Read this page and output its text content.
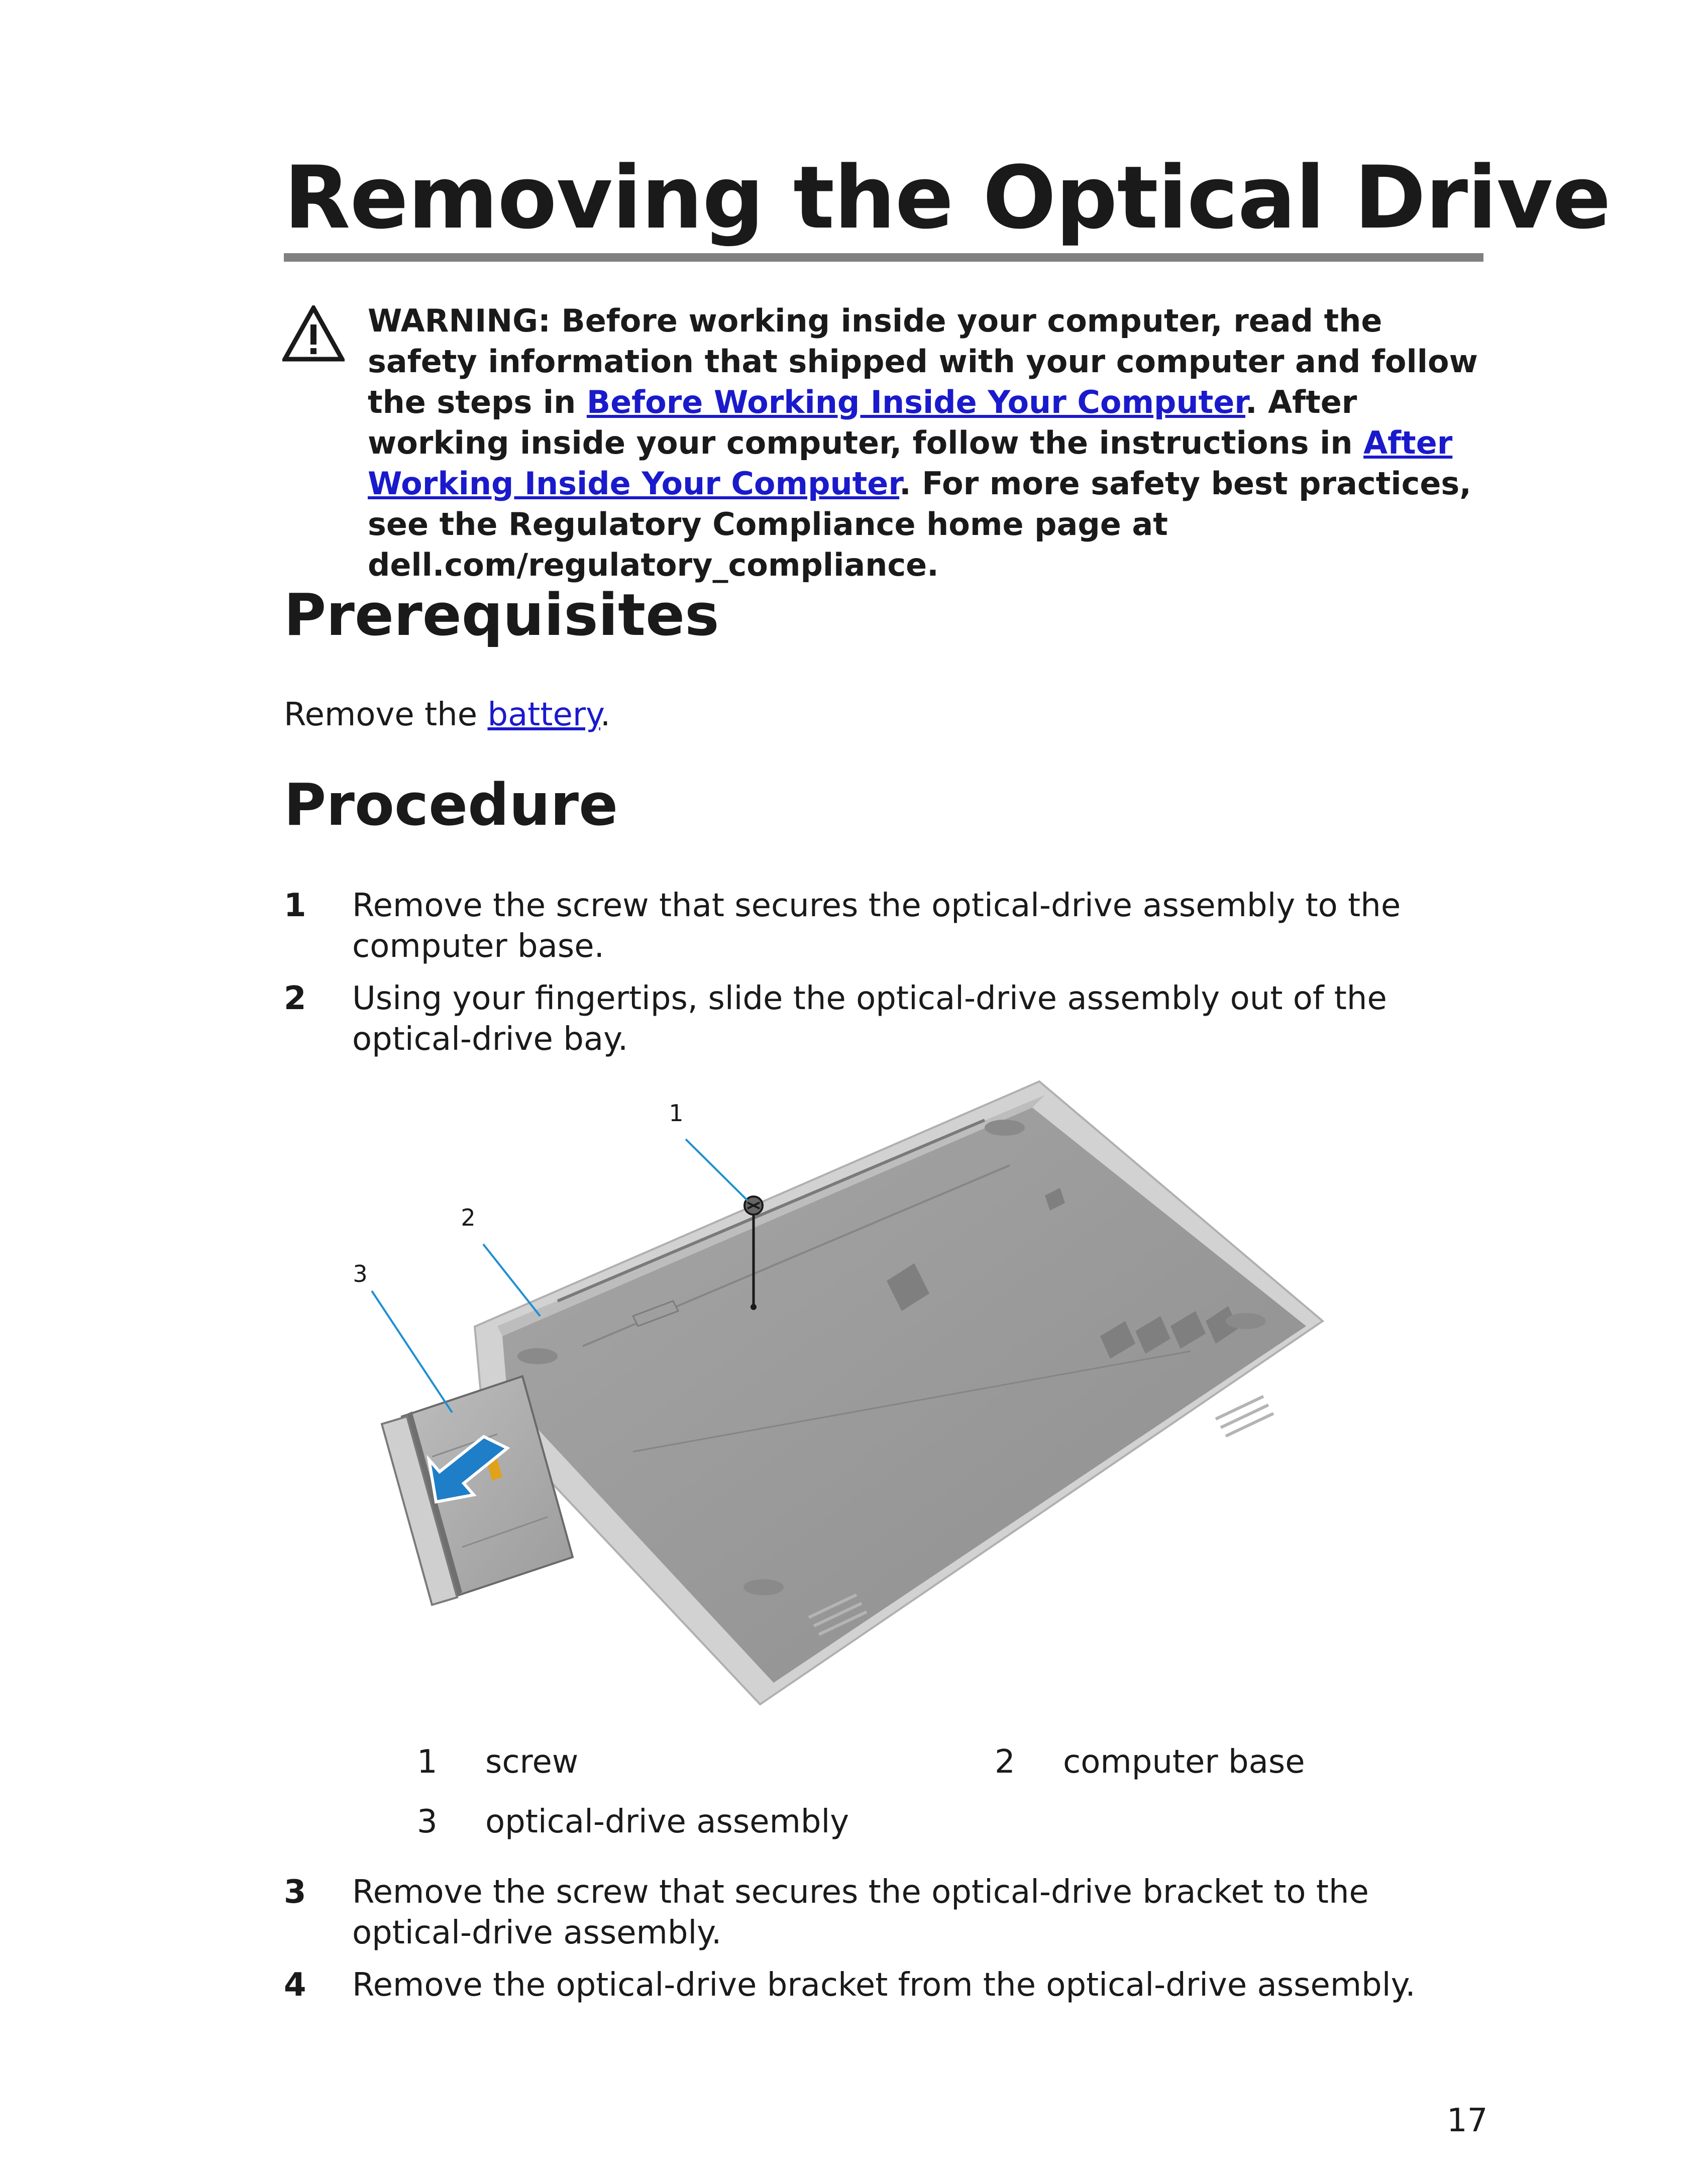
Removing the Optical Drive
WARNING: Before working inside your computer, read the safety information that shipped with your computer and follow the steps in Before Working Inside Your Computer. After working inside your computer, follow the instructions in After Working Inside Your Computer. For more safety best practices, see the Regulatory Compliance home page at dell.com/regulatory_compliance.
Prerequisites
Remove the battery.
Procedure
1 Remove the screw that secures the optical-drive assembly to the computer base.
2 Using your fingertips, slide the optical-drive assembly out of the optical-drive bay.
1
2
3
1 screw	2 computer base
3 optical-drive assembly
3 Remove the screw that secures the optical-drive bracket to the optical-drive assembly.
4 Remove the optical-drive bracket from the optical-drive assembly.
17
